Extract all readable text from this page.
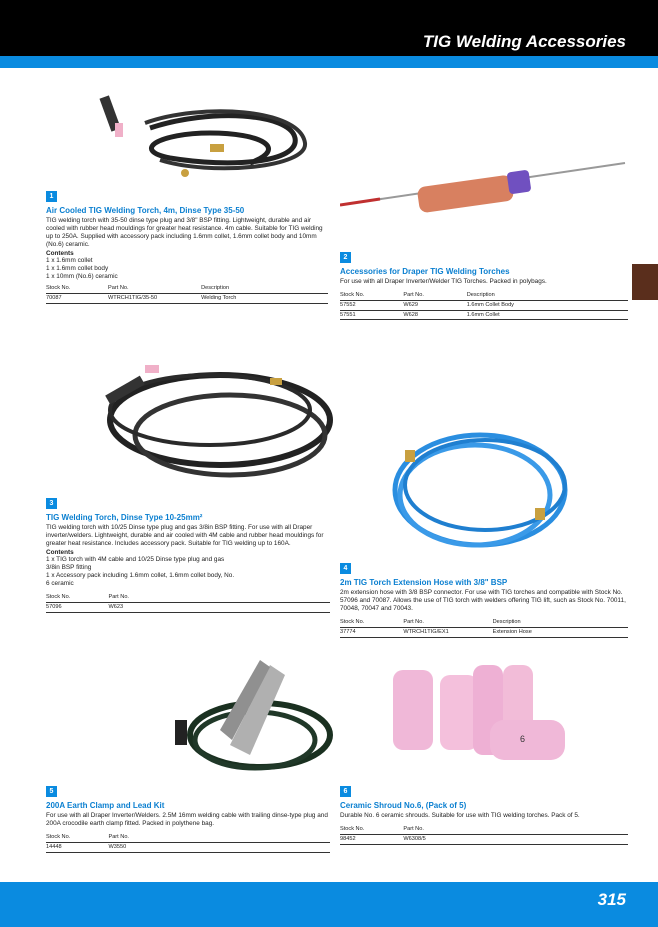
TIG Welding Accessories
1
Air Cooled TIG Welding Torch, 4m, Dinse Type 35-50
TIG welding torch with 35-50 dinse type plug and 3/8" BSP fitting. Lightweight, durable and air cooled with rubber head mouldings for greater heat resistance. 4m cable. Suitable for TIG welding up to 250A. Supplied with accessory pack including 1.6mm collet, 1.6mm collet body and 10mm (No.6) ceramic.
Contents
1 x 1.6mm collet
1 x 1.6mm collet body
1 x 10mm (No.6) ceramic
Stock No.	Part No.	Description
70087	WTRCH1TIG/35-50	Welding Torch
2
Accessories for Draper TIG Welding Torches
For use with all Draper Inverter/Welder TIG Torches. Packed in polybags.
Stock No.	Part No.	Description
57552	W629	1.6mm Collet Body
57551	W628	1.6mm Collet
3
TIG Welding Torch, Dinse Type 10-25mm²
TIG welding torch with 10/25 Dinse type plug and gas 3/8in BSP fitting. For use with all Draper inverter/welders. Lightweight, durable and air cooled with 4M cable and rubber head mouldings for greater heat resistance. Includes accessory pack. Suitable for TIG welding up to 160A.
Contents
1 x TIG torch with 4M cable and 10/25 Dinse type plug and gas 3/8in BSP fitting
1 x Accessory pack including 1.6mm collet, 1.6mm collet body, No. 6 ceramic
Stock No.	Part No.
57096	W623
4
2m TIG Torch Extension Hose with 3/8" BSP
2m extension hose with 3/8 BSP connector. For use with TIG torches and compatible with Stock No. 57096 and 70087. Allows the use of TIG torch with welders offering TIG lift, such as Stock No. 70011, 70048, 70047 and 70043.
Stock No.	Part No.	Description
37774	WTRCH1TIG/EX1	Extension Hose
5
200A Earth Clamp and Lead Kit
For use with all Draper Inverter/Welders. 2.5M 16mm welding cable with trailing dinse-type plug and 200A crocodile earth clamp fitted. Packed in polythene bag.
Stock No.	Part No.
14448	W3550
6
6
Ceramic Shroud No.6, (Pack of 5)
Durable No. 6 ceramic shrouds. Suitable for use with TIG welding torches. Pack of 5.
Stock No.	Part No.
98452	W6308/5
315
